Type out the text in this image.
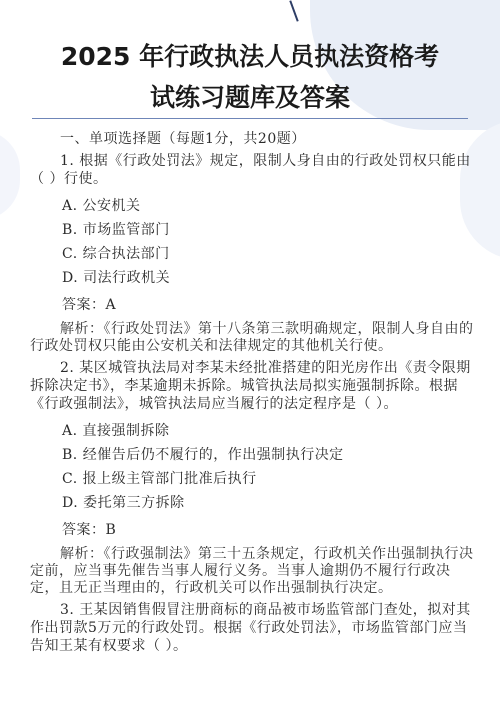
2025 年行政执法人员执法资格考
试练习题库及答案

一、单项选择题（每题1分，共20题）

1. 根据《行政处罚法》规定，限制人身自由的行政处罚权只能由（ ）行使。

A. 公安机关

B. 市场监管部门

C. 综合执法部门

D. 司法行政机关

答案：A

解析：《行政处罚法》第十八条第三款明确规定，限制人身自由的行政处罚权只能由公安机关和法律规定的其他机关行使。

2. 某区城管执法局对李某未经批准搭建的阳光房作出《责令限期拆除决定书》，李某逾期未拆除。城管执法局拟实施强制拆除。根据《行政强制法》，城管执法局应当履行的法定程序是（ ）。

A. 直接强制拆除

B. 经催告后仍不履行的，作出强制执行决定

C. 报上级主管部门批准后执行

D. 委托第三方拆除

答案：B

解析：《行政强制法》第三十五条规定，行政机关作出强制执行决定前，应当事先催告当事人履行义务。当事人逾期仍不履行行政决定，且无正当理由的，行政机关可以作出强制执行决定。

3. 王某因销售假冒注册商标的商品被市场监管部门查处，拟对其作出罚款5万元的行政处罚。根据《行政处罚法》，市场监管部门应当告知王某有权要求（ ）。
